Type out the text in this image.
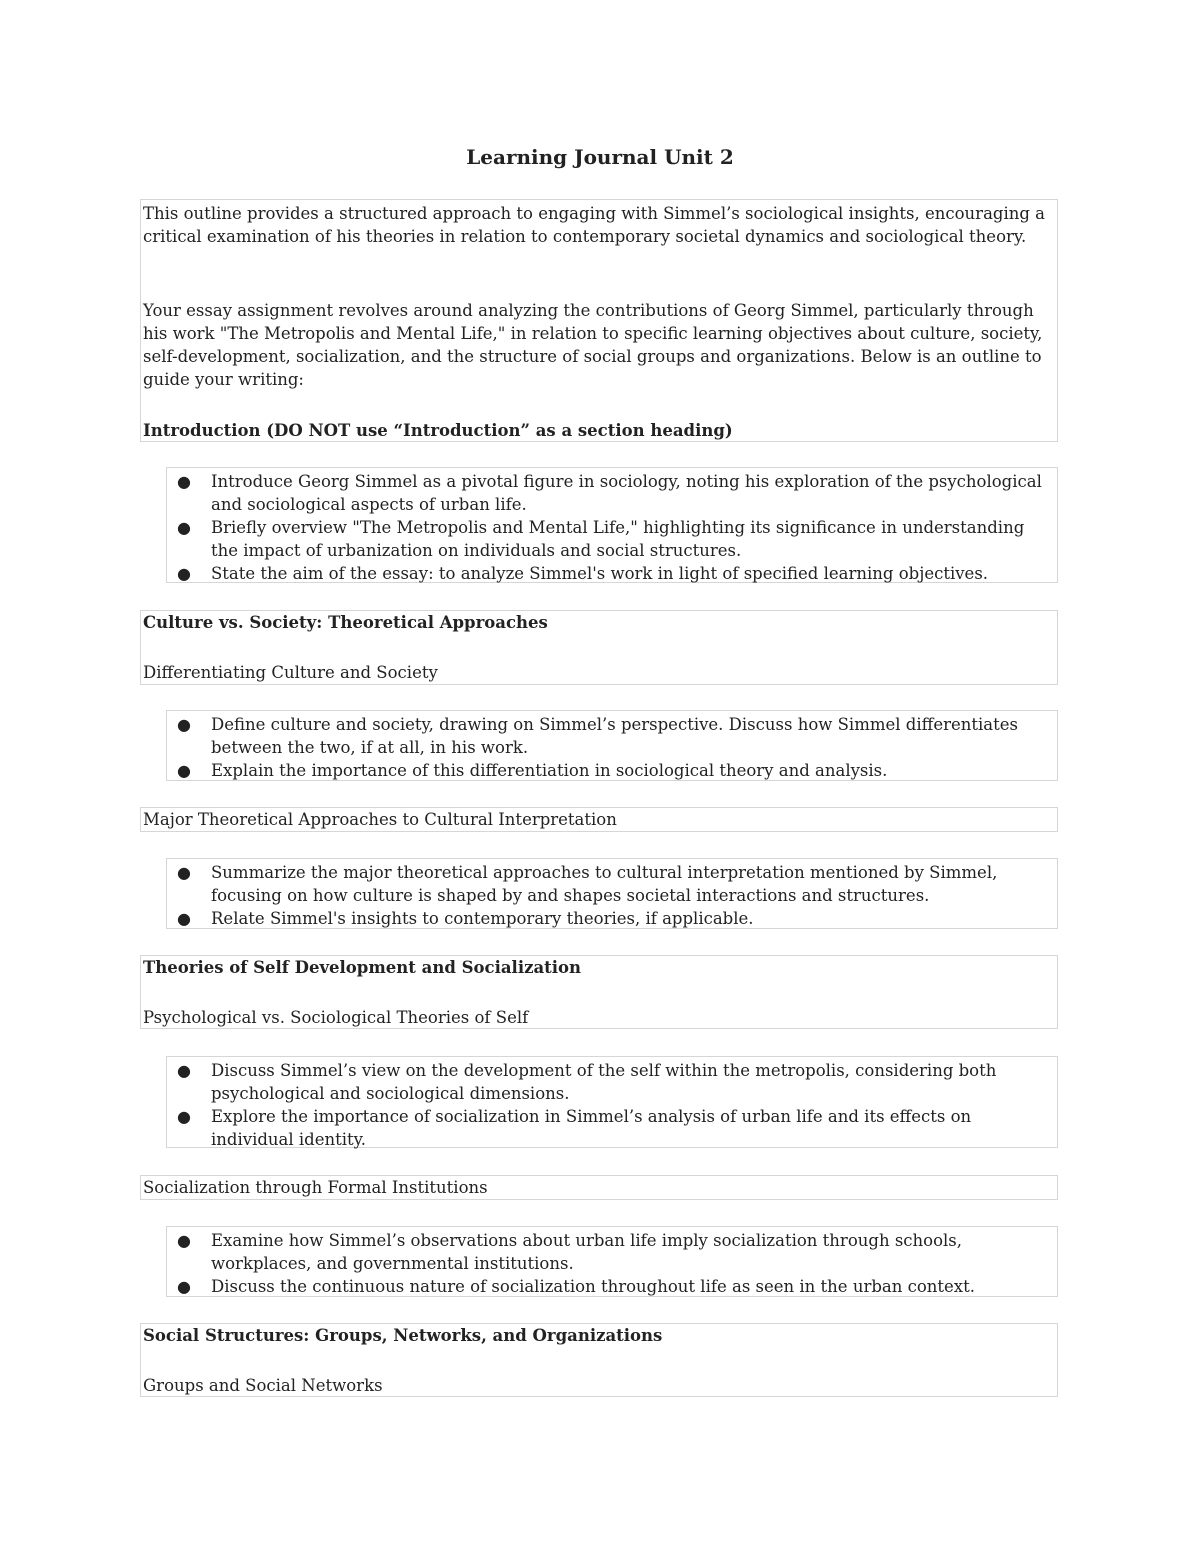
Learning Journal Unit 2

This outline provides a structured approach to engaging with Simmel’s sociological insights, encouraging a critical examination of his theories in relation to contemporary societal dynamics and sociological theory.

Your essay assignment revolves around analyzing the contributions of Georg Simmel, particularly through his work "The Metropolis and Mental Life," in relation to specific learning objectives about culture, society, self-development, socialization, and the structure of social groups and organizations. Below is an outline to guide your writing:

Introduction (DO NOT use “Introduction” as a section heading)

● Introduce Georg Simmel as a pivotal figure in sociology, noting his exploration of the psychological and sociological aspects of urban life.
● Briefly overview "The Metropolis and Mental Life," highlighting its significance in understanding the impact of urbanization on individuals and social structures.
● State the aim of the essay: to analyze Simmel's work in light of specified learning objectives.

Culture vs. Society: Theoretical Approaches

Differentiating Culture and Society

● Define culture and society, drawing on Simmel’s perspective. Discuss how Simmel differentiates between the two, if at all, in his work.
● Explain the importance of this differentiation in sociological theory and analysis.

Major Theoretical Approaches to Cultural Interpretation

● Summarize the major theoretical approaches to cultural interpretation mentioned by Simmel, focusing on how culture is shaped by and shapes societal interactions and structures.
● Relate Simmel's insights to contemporary theories, if applicable.

Theories of Self Development and Socialization

Psychological vs. Sociological Theories of Self

● Discuss Simmel’s view on the development of the self within the metropolis, considering both psychological and sociological dimensions.
● Explore the importance of socialization in Simmel’s analysis of urban life and its effects on individual identity.

Socialization through Formal Institutions

● Examine how Simmel’s observations about urban life imply socialization through schools, workplaces, and governmental institutions.
● Discuss the continuous nature of socialization throughout life as seen in the urban context.

Social Structures: Groups, Networks, and Organizations

Groups and Social Networks
